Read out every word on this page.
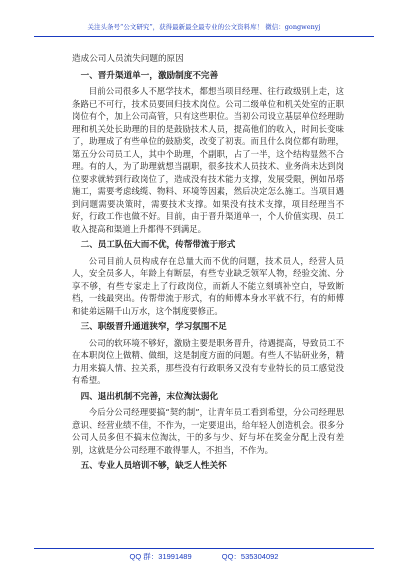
关注头条号“公文研究”，获得最新最全最专业的公文资料库！ 微信：gongwenyj

造成公司人员流失问题的原因

一、晋升渠道单一，激励制度不完善

目前公司很多人不愿学技术，都想当项目经理、往行政级别上走，这条路已不可行，技术员要回归技术岗位。公司二级单位和机关处室的正职岗位有个，加上公司高管，只有这些职位。当初公司设立基层单位经理助理和机关处长助理的目的是鼓励技术人员，提高他们的收入，时间长变味了，助理成了有些单位的鼓励奖，改变了初衷。而且什么岗位都有助理，第五分公司员工人，其中个助理，个副职，占了一半，这个结构显然不合理。有的人，为了助理就想当副职，很多技术人员技术、业务尚未达到岗位要求就转到行政岗位了，造成没有技术能力支撑，发展受限，例如吊塔施工，需要考虑线缆、物料、环境等因素，然后决定怎么施工。当项目遇到问题需要决策时，需要技术支撑。如果没有技术支撑，项目经理当不好，行政工作也做不好。目前，由于晋升渠道单一，个人价值实现、员工收入提高和渠道上升都得不到满足。

二、员工队伍大而不优，传帮带流于形式

公司目前人员构成存在总量大而不优的问题，技术员人，经营人员人，安全员多人，年龄上有断层，有些专业缺乏领军人物，经验交流、分享不够，有些专家走上了行政岗位，而新人不能立刻填补空白，导致断档，一线最突出。传帮带流于形式，有的师傅本身水平就不行，有的师傅和徒弟远隔千山万水，这个制度要修正。

三、职级晋升通道狭窄，学习氛围不足

公司的软环境不够好，激励主要是职务晋升，待遇提高，导致员工不在本职岗位上做精、做细，这是制度方面的问题。有些人不钻研业务，精力用来搞人情、拉关系，那些没有行政职务又没有专业特长的员工感觉没有希望。

四、退出机制不完善，末位淘汰弱化

今后分公司经理要搞“契约制”，让青年员工看到希望，分公司经理思意识、经营业绩不佳，不作为，一定要退出，给年轻人创造机会。很多分公司人员多但不搞末位淘汰，干的多与少、好与坏在奖金分配上没有差别，这就是分公司经理不敢得罪人，不担当，不作为。

五、专业人员培训不够，缺乏人性关怀

QQ 群：31991489	QQ：535304092
